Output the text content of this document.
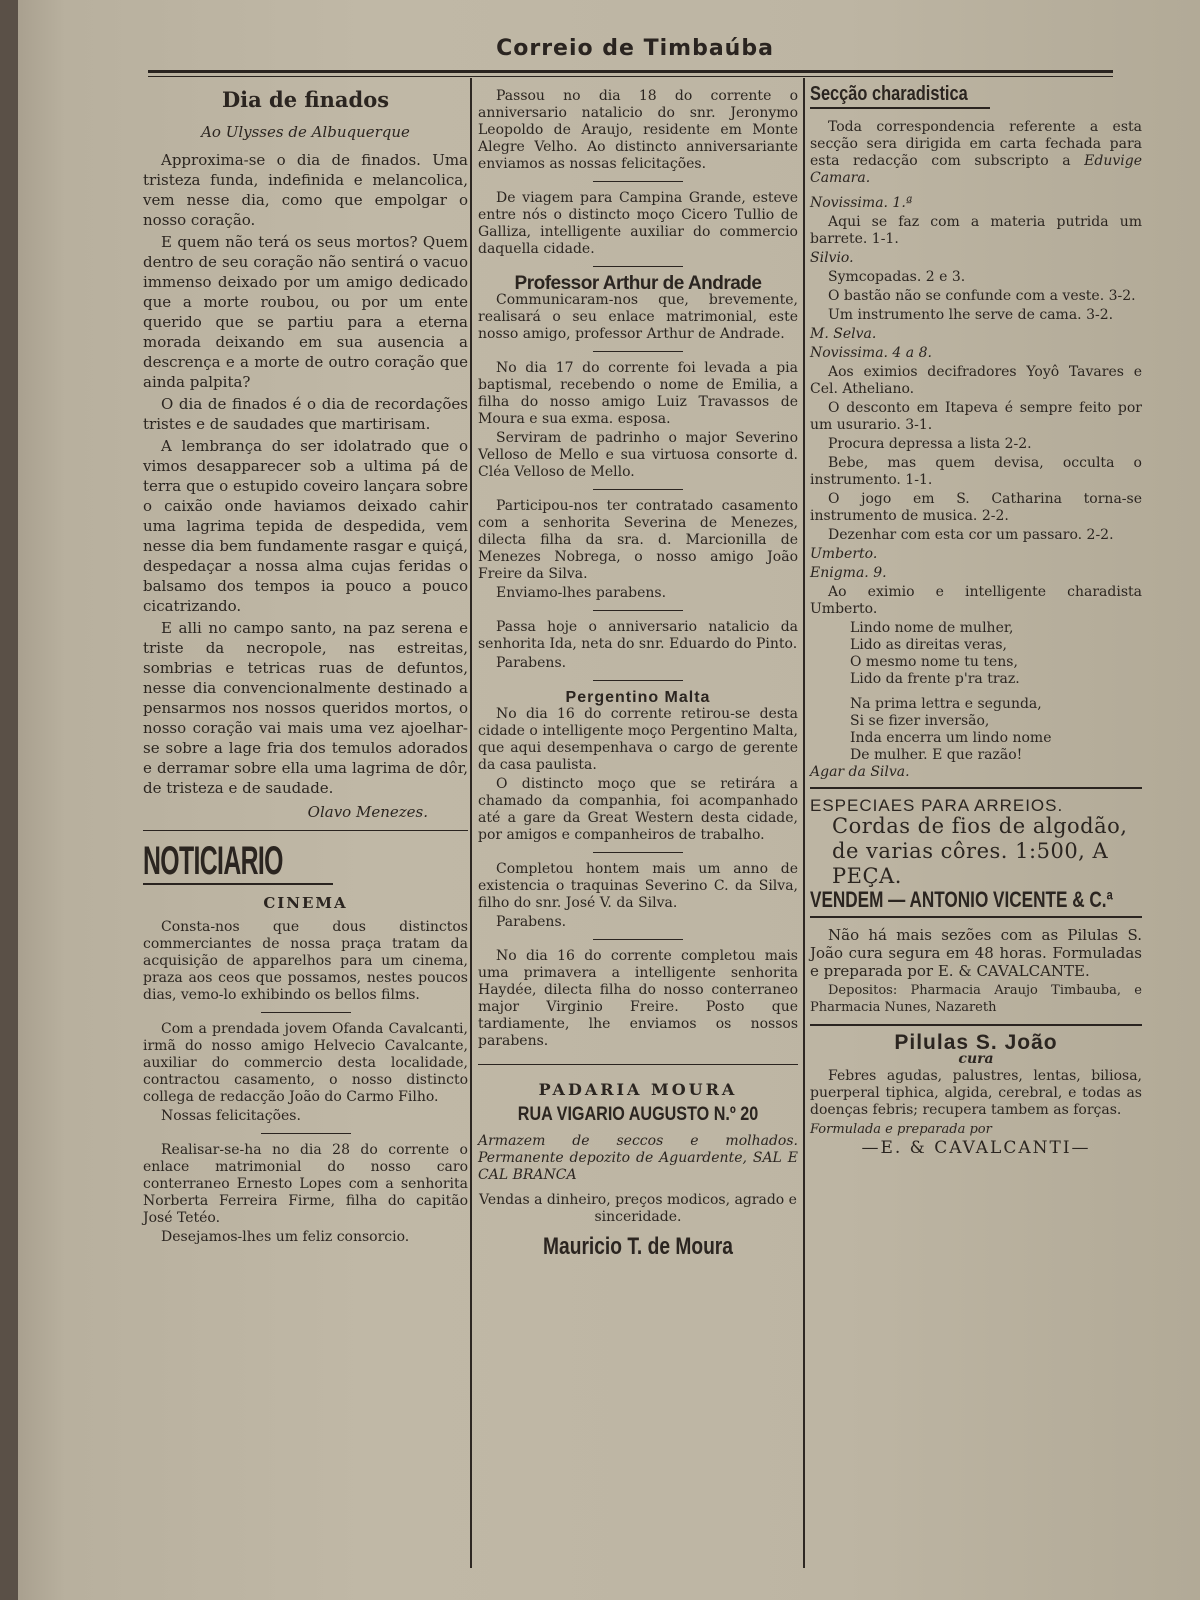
Correio de Timbaúba
Dia de finados
Ao Ulysses de Albuquerque

Approxima-se o dia de finados. Uma tristeza funda, indefinida e melancolica, vem nesse dia, como que empolgar o nosso coração.

E quem não terá os seus mortos? Quem dentro de seu coração não sentirá o vacuo immenso deixado por um amigo dedicado que a morte roubou, ou por um ente querido que se partiu para a eterna morada deixando em sua ausencia a descrença e a morte de outro coração que ainda palpita?

O dia de finados é o dia de recordações tristes e de saudades que martirisam.

A lembrança do ser idolatrado que o vimos desapparecer sob a ultima pá de terra que o estupido coveiro lançara sobre o caixão onde haviamos deixado cahir uma lagrima tepida de despedida, vem nesse dia bem fundamente rasgar e quiçá, despedaçar a nossa alma cujas feridas o balsamo dos tempos ia pouco a pouco cicatrizando.

E alli no campo santo, na paz serena e triste da necropole, nas estreitas, sombrias e tetricas ruas de defuntos, nesse dia convencionalmente destinado a pensarmos nos nossos queridos mortos, o nosso coração vai mais uma vez ajoelhar-se sobre a lage fria dos temulos adorados e derramar sobre ella uma lagrima de dôr, de tristeza e de saudade.

Olavo Menezes.
NOTICIARIO
CINEMA

Consta-nos que dous distinctos commerciantes de nossa praça tratam da acquisição de apparelhos para um cinema, praza aos ceos que possamos, nestes poucos dias, vemo-lo exhibindo os bellos films.

Com a prendada jovem Ofanda Cavalcanti, irmã do nosso amigo Helvecio Cavalcante, auxiliar do commercio desta localidade, contractou casamento, o nosso distincto collega de redacção João do Carmo Filho.

Nossas felicitações.

Realisar-se-ha no dia 28 do corrente o enlace matrimonial do nosso caro conterraneo Ernesto Lopes com a senhorita Norberta Ferreira Firme, filha do capitão José Tetéo.

Desejamos-lhes um feliz consorcio.

Passou no dia 18 do corrente o anniversario natalicio do snr. Jeronymo Leopoldo de Araujo, residente em Monte Alegre Velho. Ao distincto anniversariante enviamos as nossas felicitações.

De viagem para Campina Grande, esteve entre nós o distincto moço Cicero Tullio de Galliza, intelligente auxiliar do commercio daquella cidade.

Professor Arthur de Andrade

Communicaram-nos que, brevemente, realisará o seu enlace matrimonial, este nosso amigo, professor Arthur de Andrade.

No dia 17 do corrente foi levada a pia baptismal, recebendo o nome de Emilia, a filha do nosso amigo Luiz Travassos de Moura e sua exma. esposa.

Serviram de padrinho o major Severino Velloso de Mello e sua virtuosa consorte d. Cléa Velloso de Mello.

Participou-nos ter contratado casamento com a senhorita Severina de Menezes, dilecta filha da sra. d. Marcionilla de Menezes Nobrega, o nosso amigo João Freire da Silva.

Enviamo-lhes parabens.

Passa hoje o anniversario natalicio da senhorita Ida, neta do snr. Eduardo do Pinto.

Parabens.

Pergentino Malta

No dia 16 do corrente retirou-se desta cidade o intelligente moço Pergentino Malta, que aqui desempenhava o cargo de gerente da casa paulista.

O distincto moço que se retirára a chamado da companhia, foi acompanhado até a gare da Great Western desta cidade, por amigos e companheiros de trabalho.

Completou hontem mais um anno de existencia o traquinas Severino C. da Silva, filho do snr. José V. da Silva.

Parabens.

No dia 16 do corrente completou mais uma primavera a intelligente senhorita Haydée, dilecta filha do nosso conterraneo major Virginio Freire. Posto que tardiamente, lhe enviamos os nossos parabens.

PADARIA MOURA
RUA VIGARIO AUGUSTO N.º 20

Armazem de seccos e molhados. Permanente depozito de Aguardente, SAL E CAL BRANCA

Vendas a dinheiro, preços modicos, agrado e sinceridade.

Mauricio T. de Moura
Secção charadistica

Toda correspondencia referente a esta secção sera dirigida em carta fechada para esta redacção com subscripto a Eduvige Camara.

Novissima. 1.ª

Aqui se faz com a materia putrida um barrete. 1-1.

Silvio.

Symcopadas. 2 e 3.

O bastão não se confunde com a veste. 3-2.

Um instrumento lhe serve de cama. 3-2.

M. Selva.

Novissima. 4 a 8.

Aos eximios decifradores Yoyô Tavares e Cel. Atheliano.

O desconto em Itapeva é sempre feito por um usurario. 3-1.

Procura depressa a lista 2-2.

Bebe, mas quem devisa, occulta o instrumento. 1-1.

O jogo em S. Catharina torna-se instrumento de musica. 2-2.

Dezenhar com esta cor um passaro. 2-2.

Umberto.

Enigma. 9.

Ao eximio e intelligente charadista Umberto.

Lindo nome de mulher,

Lido as direitas veras,

O mesmo nome tu tens,

Lido da frente p'ra traz.

Na prima lettra e segunda,

Si se fizer inversão,

Inda encerra um lindo nome

De mulher. E que razão!

Agar da Silva.

ESPECIAES PARA ARREIOS.
Cordas de fios de algodão, de varias côres. 1:500, A PEÇA.
VENDEM — ANTONIO VICENTE & C.ª

Não há mais sezões com as Pilulas S. João cura segura em 48 horas. Formuladas e preparada por E. & CAVALCANTE.

Depositos: Pharmacia Araujo Timbauba, e Pharmacia Nunes, Nazareth

Pilulas S. João
cura

Febres agudas, palustres, lentas, biliosa, puerperal tiphica, algida, cerebral, e todas as doenças febris; recupera tambem as forças.

Formulada e preparada por

—E. & CAVALCANTI—
